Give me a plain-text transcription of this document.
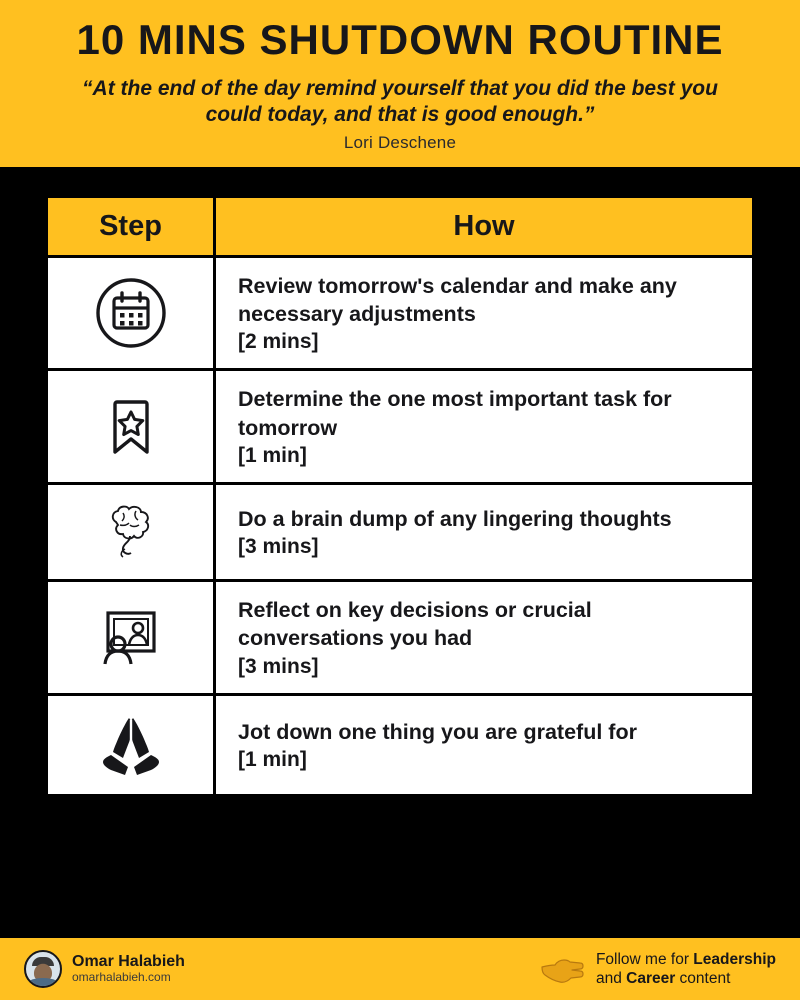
10 MINS SHUTDOWN ROUTINE
“At the end of the day remind yourself that you did the best you could today, and that is good enough.”
Lori Deschene
Step	How

Review tomorrow's calendar and make any necessary adjustments
[2 mins]

Determine the one most important task for tomorrow
[1 min]

Do a brain dump of any lingering thoughts
[3 mins]

Reflect on key decisions or crucial conversations you had
[3 mins]

Jot down one thing you are grateful for
[1 min]
Omar Halabieh
omarhalabieh.com
Follow me for Leadership
and Career content
